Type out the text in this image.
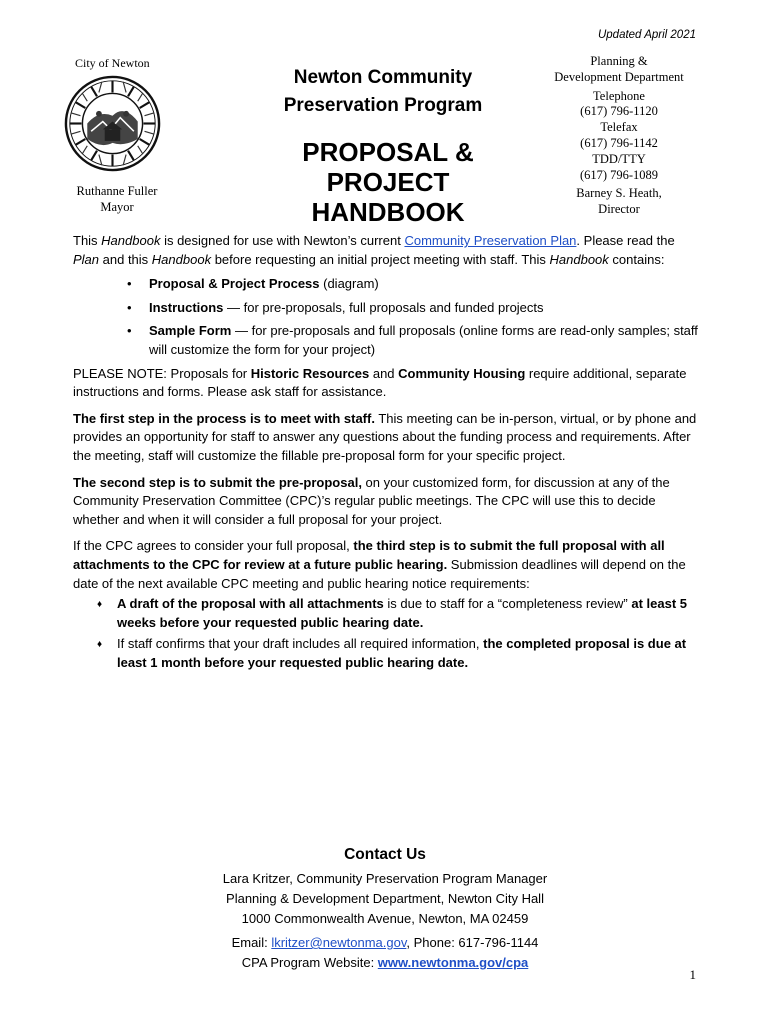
Updated April 2021
City of Newton
Ruthanne Fuller
Mayor
Newton Community
Preservation Program
PROPOSAL & PROJECT
HANDBOOK
Planning &
Development Department
Telephone
(617) 796-1120
Telefax
(617) 796-1142
TDD/TTY
(617) 796-1089
Barney S. Heath,
Director

This Handbook is designed for use with Newton’s current Community Preservation Plan. Please read the Plan and this Handbook before requesting an initial project meeting with staff. This Handbook contains:

• Proposal & Project Process (diagram)
• Instructions — for pre-proposals, full proposals and funded projects
• Sample Form — for pre-proposals and full proposals (online forms are read-only samples; staff will customize the form for your project)

PLEASE NOTE: Proposals for Historic Resources and Community Housing require additional, separate instructions and forms. Please ask staff for assistance.

The first step in the process is to meet with staff. This meeting can be in-person, virtual, or by phone and provides an opportunity for staff to answer any questions about the funding process and requirements. After the meeting, staff will customize the fillable pre-proposal form for your specific project.

The second step is to submit the pre-proposal, on your customized form, for discussion at any of the Community Preservation Committee (CPC)’s regular public meetings. The CPC will use this to decide whether and when it will consider a full proposal for your project.

If the CPC agrees to consider your full proposal, the third step is to submit the full proposal with all attachments to the CPC for review at a future public hearing. Submission deadlines will depend on the date of the next available CPC meeting and public hearing notice requirements:

♦ A draft of the proposal with all attachments is due to staff for a “completeness review” at least 5 weeks before your requested public hearing date.
♦ If staff confirms that your draft includes all required information, the completed proposal is due at least 1 month before your requested public hearing date.
Contact Us
Lara Kritzer, Community Preservation Program Manager
Planning & Development Department, Newton City Hall
1000 Commonwealth Avenue, Newton, MA 02459
Email: lkritzer@newtonma.gov, Phone: 617-796-1144
CPA Program Website: www.newtonma.gov/cpa
1
